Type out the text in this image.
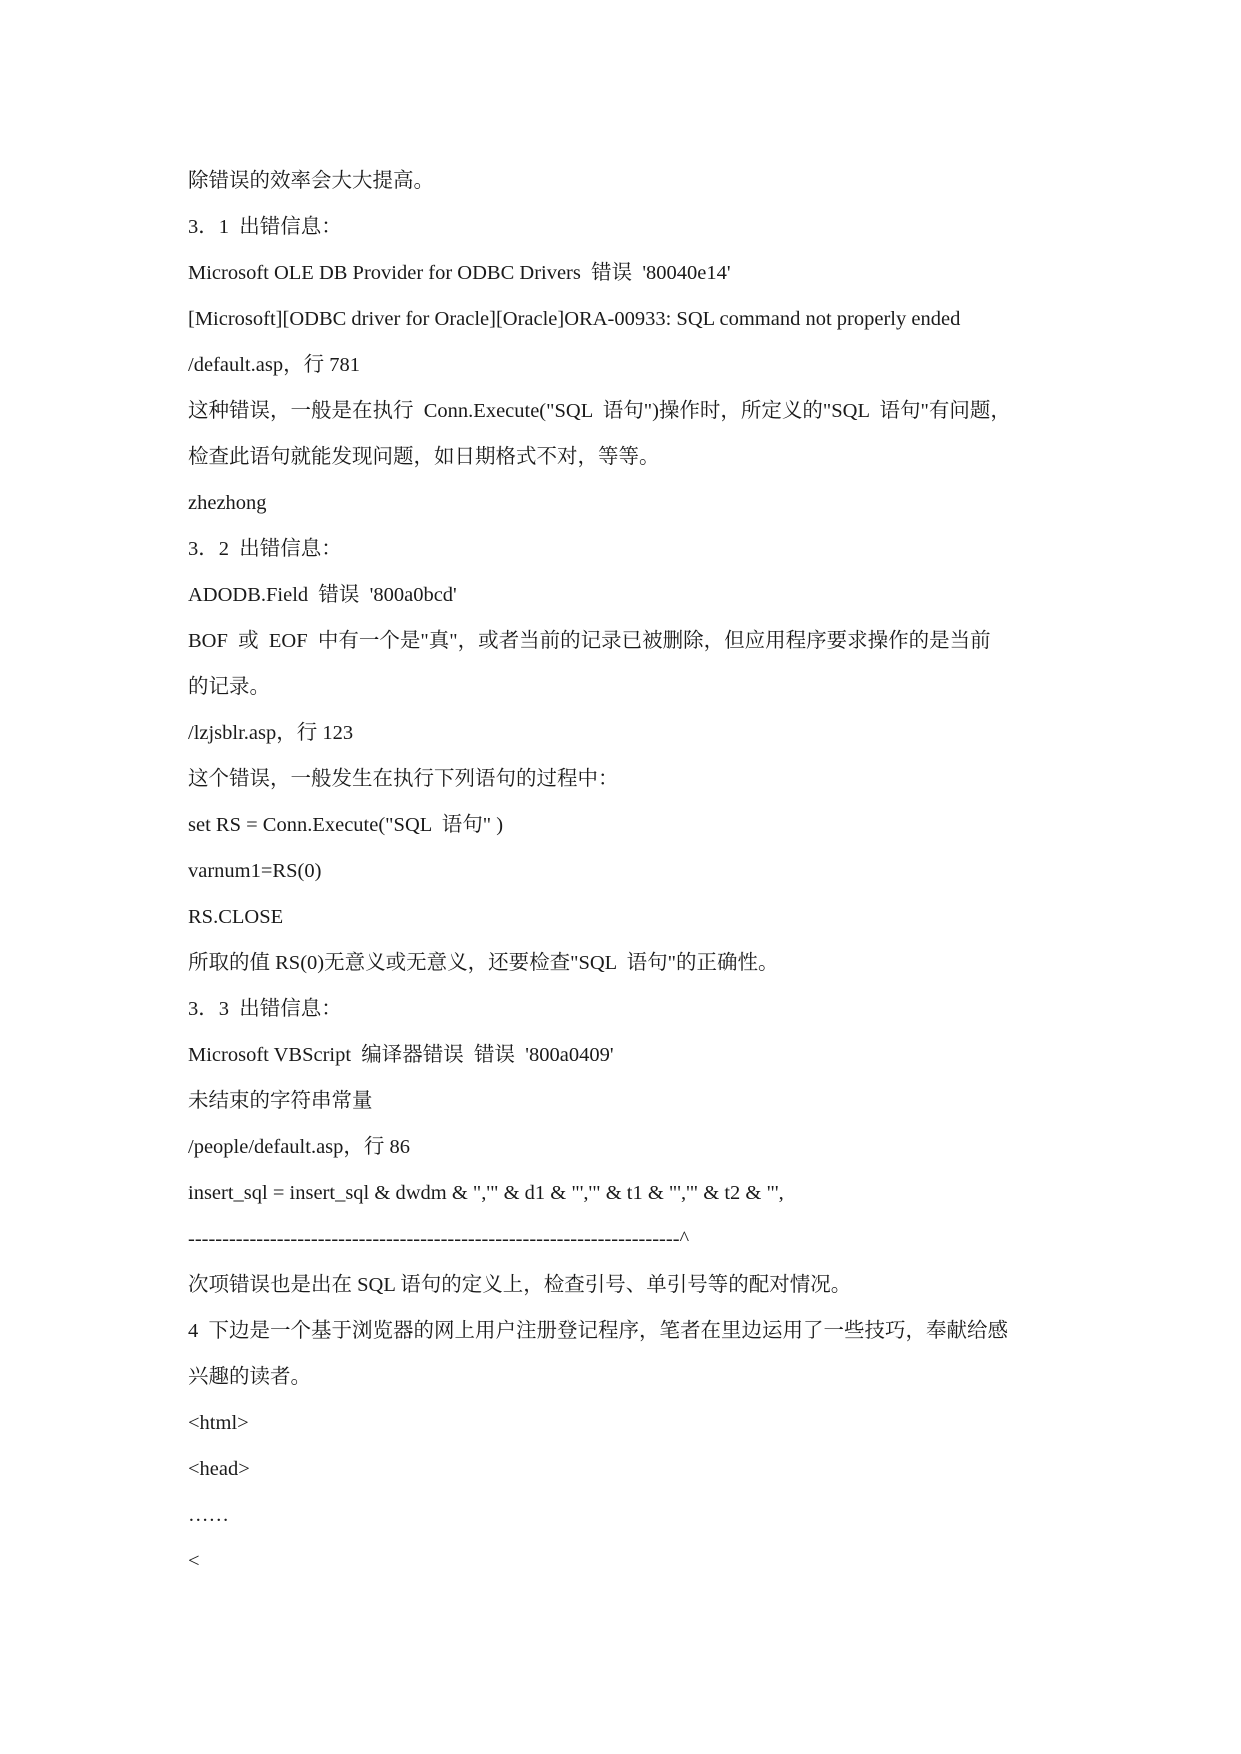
除错误的效率会大大提高。
3．1  出错信息：
Microsoft OLE DB Provider for ODBC Drivers  错误  '80040e14'
[Microsoft][ODBC driver for Oracle][Oracle]ORA-00933: SQL command not properly ended
/default.asp，行 781
这种错误，一般是在执行  Conn.Execute("SQL  语句")操作时，所定义的"SQL  语句"有问题，
检查此语句就能发现问题，如日期格式不对，等等。
zhezhong
3．2  出错信息：
ADODB.Field  错误  '800a0bcd'
BOF  或  EOF  中有一个是"真"，或者当前的记录已被删除，但应用程序要求操作的是当前
的记录。
/lzjsblr.asp，行 123
这个错误，一般发生在执行下列语句的过程中：
set RS = Conn.Execute("SQL  语句" )
varnum1=RS(0)
RS.CLOSE
所取的值 RS(0)无意义或无意义，还要检查"SQL  语句"的正确性。
3．3  出错信息：
Microsoft VBScript  编译器错误  错误  '800a0409'
未结束的字符串常量
/people/default.asp，行 86
insert_sql = insert_sql & dwdm & ",'" & d1 & "','" & t1 & "','" & t2 & "',
------------------------------------------------------------------------^
次项错误也是出在 SQL 语句的定义上，检查引号、单引号等的配对情况。
4  下边是一个基于浏览器的网上用户注册登记程序，笔者在里边运用了一些技巧，奉献给感
兴趣的读者。
<html>
<head>
……
<
